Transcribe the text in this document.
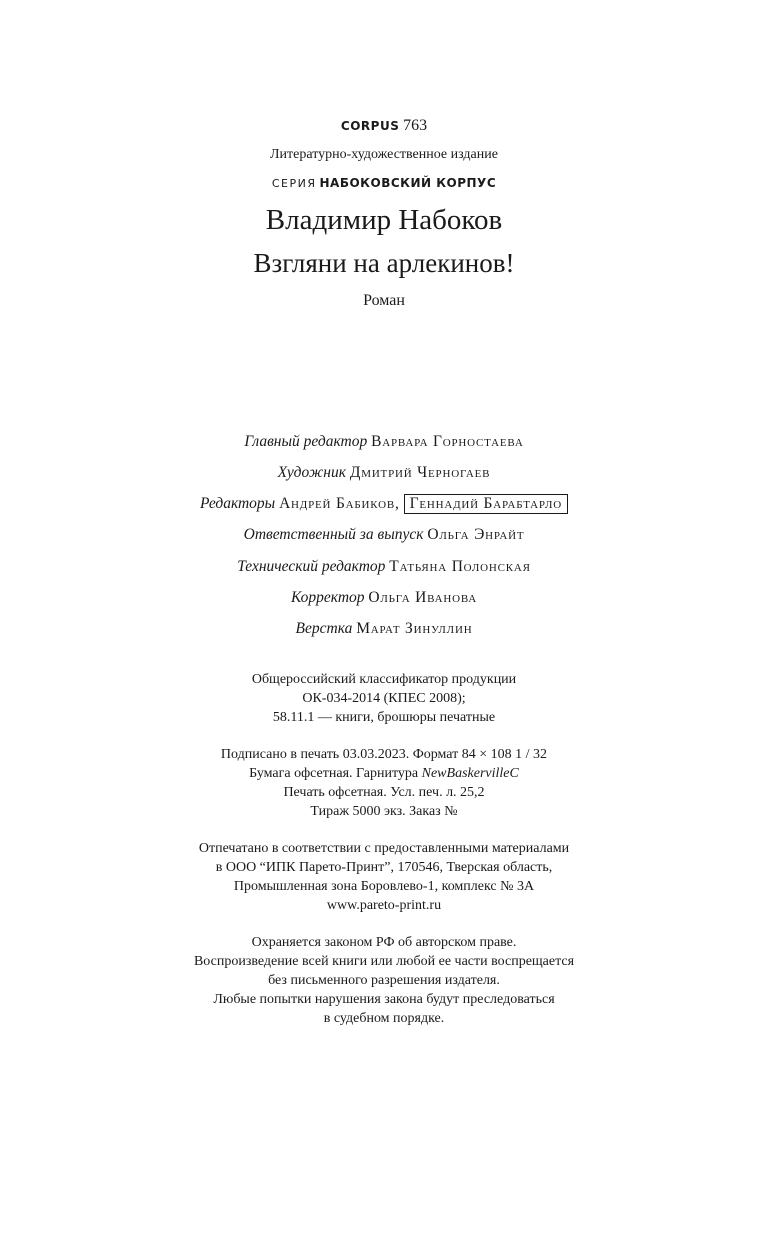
CORPUS 763
Литературно-художественное издание
СЕРИЯ НАБОКОВСКИЙ КОРПУС
Владимир Набоков
Взгляни на арлекинов!
Роман
Главный редактор Варвара Горностаева
Художник Дмитрий Черногаев
Редакторы Андрей Бабиков, Геннадий Барабтарло
Ответственный за выпуск Ольга Энрайт
Технический редактор Татьяна Полонская
Корректор Ольга Иванова
Верстка Марат Зинуллин
Общероссийский классификатор продукции
ОК-034-2014 (КПЕС 2008);
58.11.1 — книги, брошюры печатные
Подписано в печать 03.03.2023. Формат 84 × 108 1 / 32
Бумага офсетная. Гарнитура NewBaskervilleC
Печать офсетная. Усл. печ. л. 25,2
Тираж 5000 экз. Заказ №
Отпечатано в соответствии с предоставленными материалами
в ООО “ИПК Парето-Принт”, 170546, Тверская область,
Промышленная зона Боровлево-1, комплекс № 3А
www.pareto-print.ru
Охраняется законом РФ об авторском праве.
Воспроизведение всей книги или любой ее части воспрещается
без письменного разрешения издателя.
Любые попытки нарушения закона будут преследоваться
в судебном порядке.
